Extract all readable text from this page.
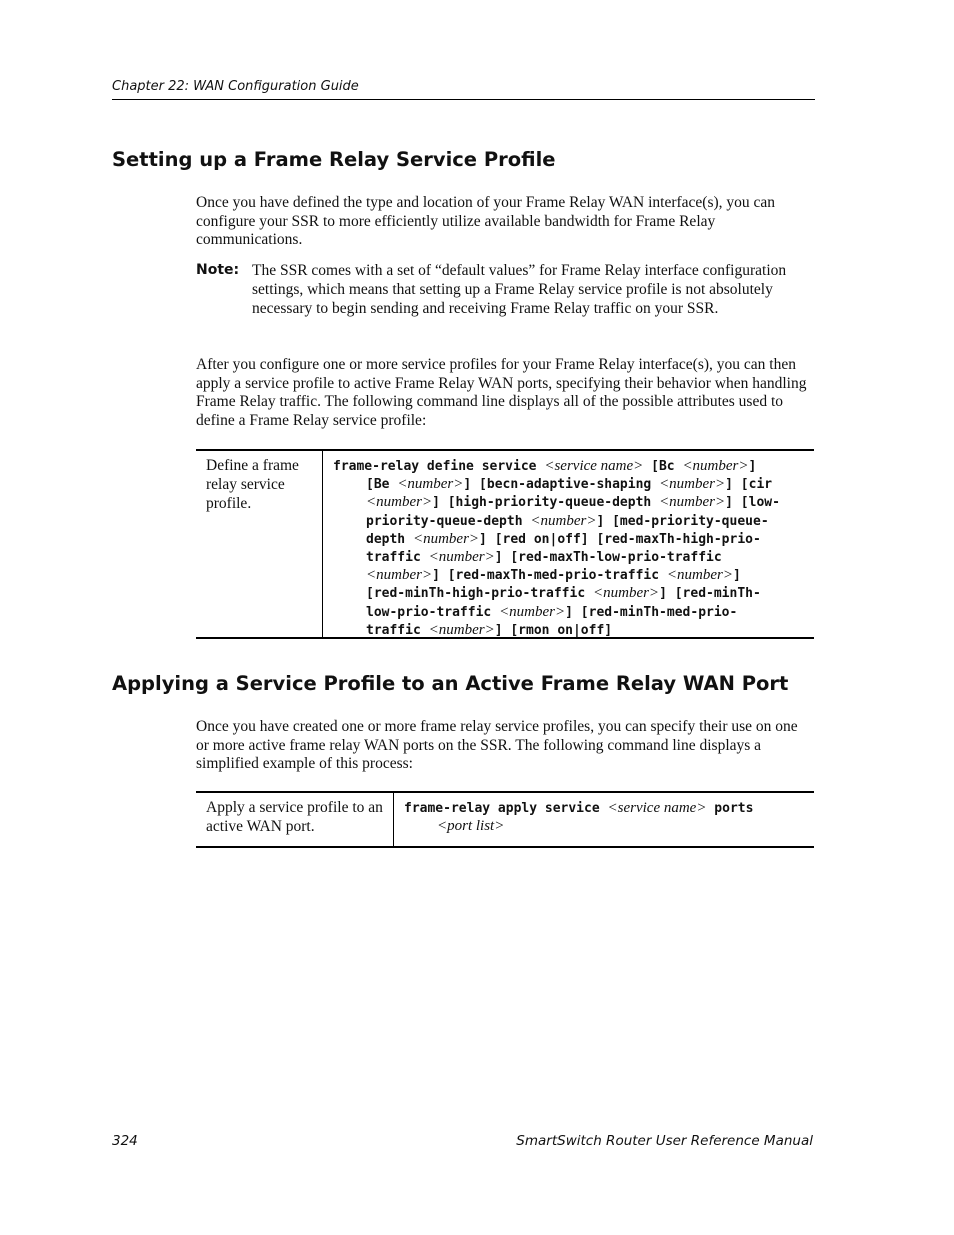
Chapter 22: WAN Configuration Guide
Setting up a Frame Relay Service Profile

Once you have defined the type and location of your Frame Relay WAN interface(s), you can configure your SSR to more efficiently utilize available bandwidth for Frame Relay communications.

Note: The SSR comes with a set of “default values” for Frame Relay interface configuration settings, which means that setting up a Frame Relay service profile is not absolutely necessary to begin sending and receiving Frame Relay traffic on your SSR.

After you configure one or more service profiles for your Frame Relay interface(s), you can then apply a service profile to active Frame Relay WAN ports, specifying their behavior when handling Frame Relay traffic. The following command line displays all of the possible attributes used to define a Frame Relay service profile:

Define a frame relay service profile.
frame-relay define service <service name> [Bc <number>]
[Be <number>] [becn-adaptive-shaping <number>] [cir
<number>] [high-priority-queue-depth <number>] [low-
priority-queue-depth <number>] [med-priority-queue-
depth <number>] [red on|off] [red-maxTh-high-prio-
traffic <number>] [red-maxTh-low-prio-traffic
<number>] [red-maxTh-med-prio-traffic <number>]
[red-minTh-high-prio-traffic <number>] [red-minTh-
low-prio-traffic <number>] [red-minTh-med-prio-
traffic <number>] [rmon on|off]
Applying a Service Profile to an Active Frame Relay WAN Port

Once you have created one or more frame relay service profiles, you can specify their use on one or more active frame relay WAN ports on the SSR. The following command line displays a simplified example of this process:

Apply a service profile to an active WAN port.
frame-relay apply service <service name> ports
<port list>
324	SmartSwitch Router User Reference Manual
